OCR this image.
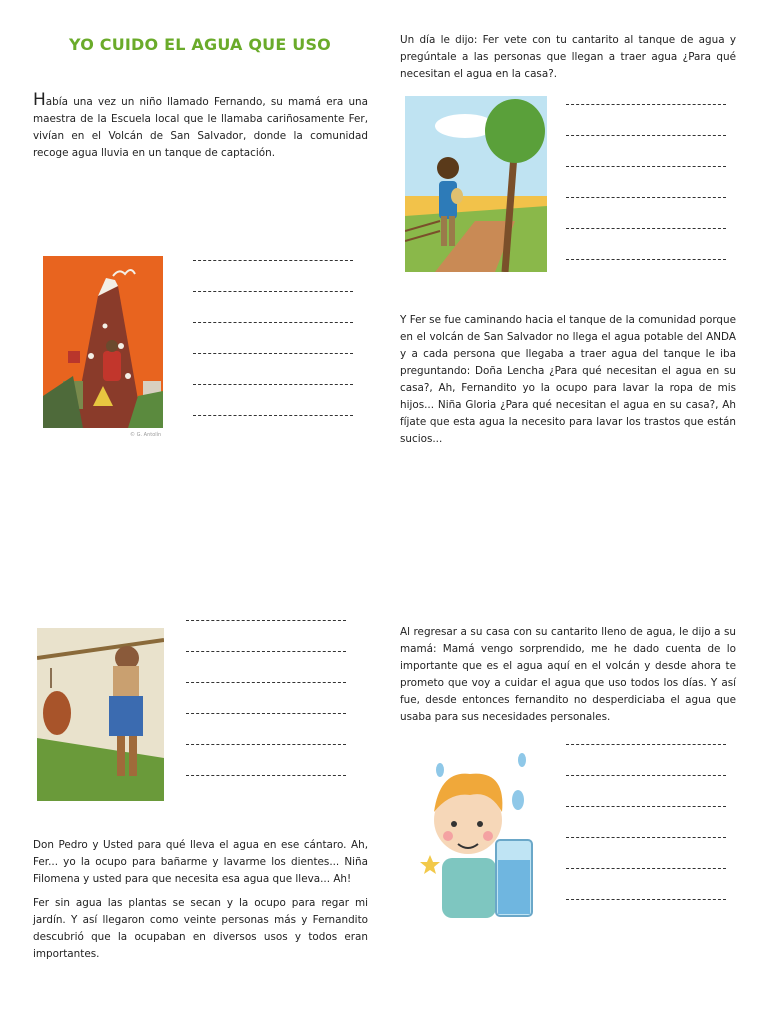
YO CUIDO EL AGUA QUE USO
Había una vez un niño llamado Fernando, su mamá era una maestra de la Escuela local que le llamaba cariñosamente Fer, vivían en el Volcán de San Salvador, donde la comunidad recoge agua lluvia en un tanque de captación.
Un día le dijo: Fer vete con tu cantarito al tanque de agua y pregúntale a las personas que llegan a traer agua ¿Para qué necesitan el agua en la casa?.
Y Fer se fue caminando hacia el tanque de la comunidad porque en el volcán de San Salvador no llega el agua potable del ANDA y a cada persona que llegaba a traer agua del tanque le iba preguntando: Doña Lencha ¿Para qué necesitan el agua en su casa?, Ah, Fernandito yo la ocupo para lavar la ropa de mis hijos... Niña Gloria ¿Para qué necesitan el agua en su casa?, Ah fíjate que esta agua la necesito para lavar los trastos que están sucios...
Al regresar a su casa con su cantarito lleno de agua, le dijo a su mamá: Mamá vengo sorprendido, me he dado cuenta de lo importante que es el agua aquí en el volcán y desde ahora te prometo que voy a cuidar el agua que uso todos los días. Y así fue, desde entonces fernandito no desperdiciaba el agua que usaba para sus necesidades personales.
Don Pedro y Usted para qué lleva el agua en ese cántaro. Ah, Fer... yo la ocupo para bañarme y lavarme los dientes... Niña Filomena y usted para que necesita esa agua que lleva... Ah!
Fer sin agua las plantas se secan y la ocupo para regar mi jardín. Y así llegaron como veinte personas más y Fernandito descubrió que la ocupaban en diversos usos y todos eran importantes.
© G. Antolín
